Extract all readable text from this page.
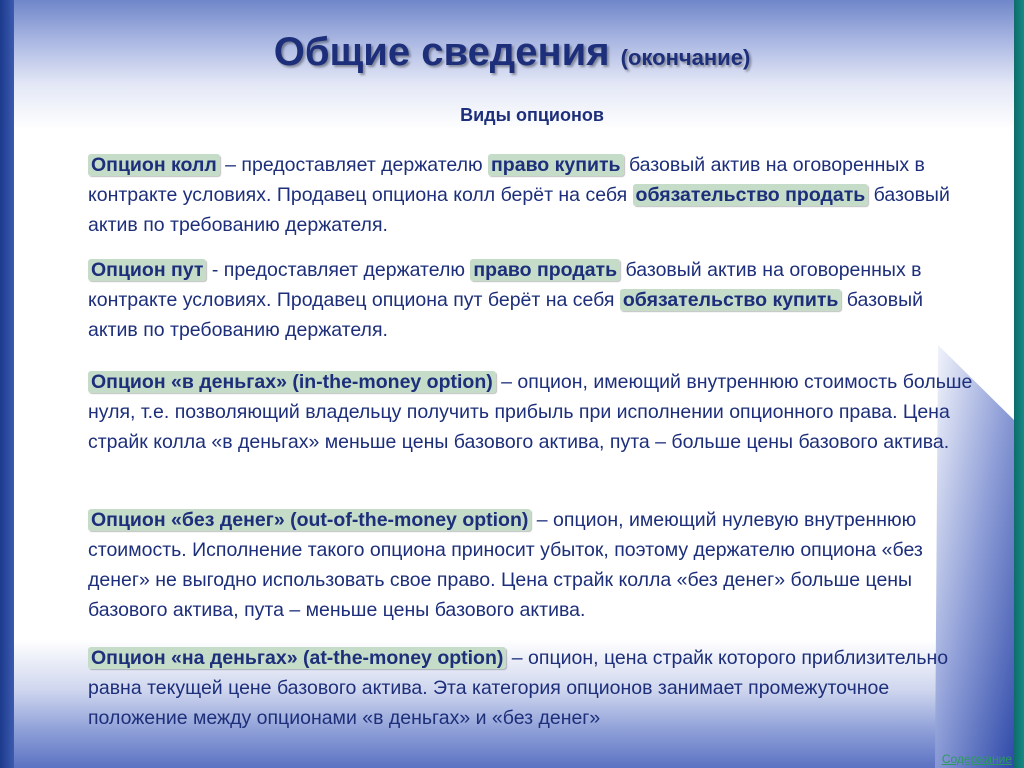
Общие сведения (окончание)
Виды опционов

Опцион колл – предоставляет держателю право купить базовый актив на оговоренных в контракте условиях. Продавец опциона колл берёт на себя обязательство продать базовый актив по требованию держателя.

Опцион пут - предоставляет держателю право продать базовый актив на оговоренных в контракте условиях. Продавец опциона пут берёт на себя обязательство купить базовый актив по требованию держателя.

Опцион «в деньгах» (in-the-money option) – опцион, имеющий внутреннюю стоимость больше нуля, т.е. позволяющий владельцу получить прибыль при исполнении опционного права. Цена страйк колла «в деньгах» меньше цены базового актива, пута – больше цены базового актива.

Опцион «без денег» (out-of-the-money option) – опцион, имеющий нулевую внутреннюю стоимость. Исполнение такого опциона приносит убыток, поэтому держателю опциона «без денег» не выгодно использовать свое право. Цена страйк колла «без денег» больше цены базового актива, пута – меньше цены базового актива.

Опцион «на деньгах» (at-the-money option) – опцион, цена страйк которого приблизительно равна текущей цене базового актива. Эта категория опционов занимает промежуточное положение между опционами «в деньгах» и «без денег»

Содержание
